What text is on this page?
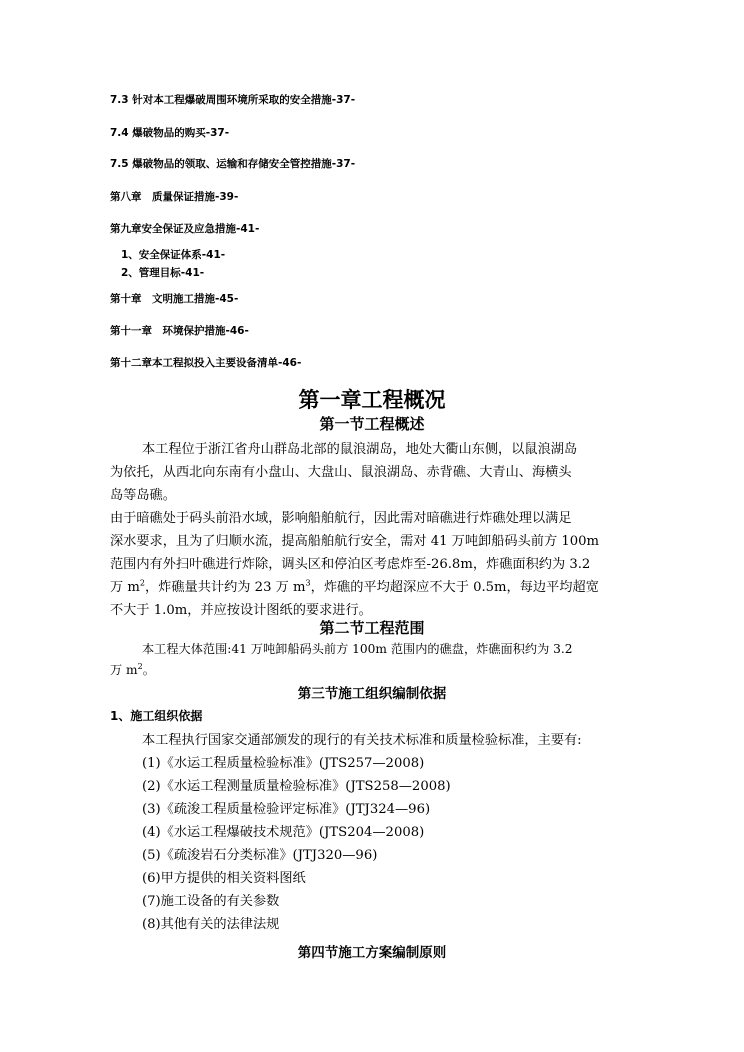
7.3 针对本工程爆破周围环境所采取的安全措施-37-
7.4 爆破物品的购买-37-
7.5 爆破物品的领取、运输和存储安全管控措施-37-
第八章　质量保证措施-39-
第九章安全保证及应急措施-41-
1、安全保证体系-41-
2、管理目标-41-
第十章　文明施工措施-45-
第十一章　环境保护措施-46-
第十二章本工程拟投入主要设备清单-46-
第一章工程概况
第一节工程概述
本工程位于浙江省舟山群岛北部的鼠浪湖岛，地处大衢山东侧，以鼠浪湖岛
为依托，从西北向东南有小盘山、大盘山、鼠浪湖岛、赤背礁、大青山、海横头
岛等岛礁。
由于暗礁处于码头前沿水域，影响船舶航行，因此需对暗礁进行炸礁处理以满足
深水要求，且为了归顺水流，提高船舶航行安全，需对 41 万吨卸船码头前方 100m
范围内有外扫叶礁进行炸除，调头区和停泊区考虑炸至-26.8m，炸礁面积约为 3.2
万 $m^2$，炸礁量共计约为 23 万 $m^3$，炸礁的平均超深应不大于 0.5m，每边平均超宽
不大于 1.0m，并应按设计图纸的要求进行。
第二节工程范围
本工程大体范围:41 万吨卸船码头前方 100m 范围内的礁盘，炸礁面积约为 3.2
万 $m^2$。
第三节施工组织编制依据
1、施工组织依据
本工程执行国家交通部颁发的现行的有关技术标准和质量检验标准，主要有:
(1)《水运工程质量检验标准》(JTS257—2008)
(2)《水运工程测量质量检验标准》(JTS258—2008)
(3)《疏浚工程质量检验评定标准》(JTJ324—96)
(4)《水运工程爆破技术规范》(JTS204—2008)
(5)《疏浚岩石分类标准》(JTJ320—96)
(6)甲方提供的相关资料图纸
(7)施工设备的有关参数
(8)其他有关的法律法规
第四节施工方案编制原则
